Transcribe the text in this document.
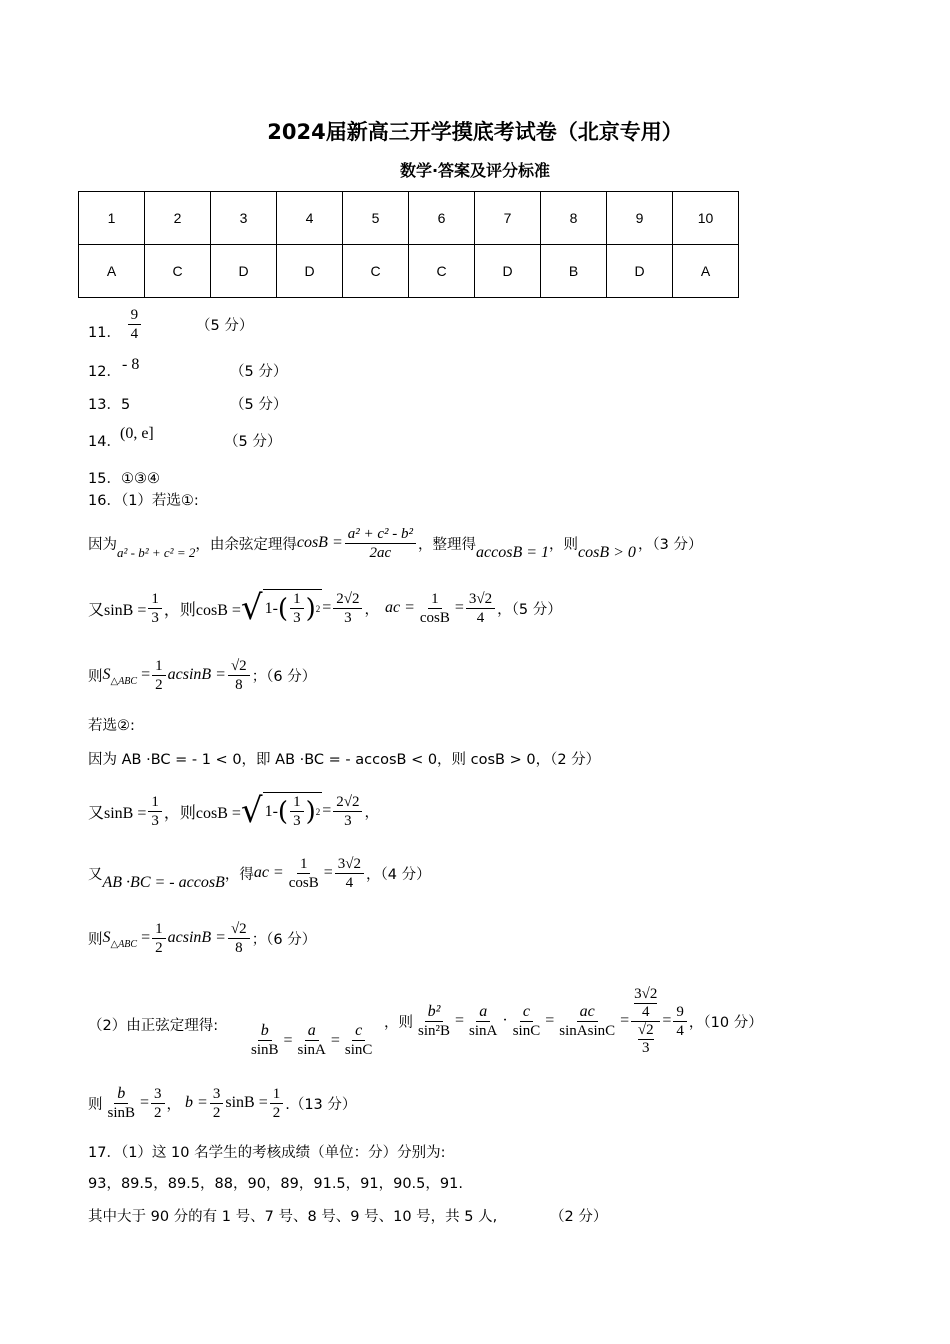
2024届新高三开学摸底考试卷（北京专用）
数学·答案及评分标准
1	2	3	4	5	6	7	8	9	10
A	C	D	D	C	C	D	B	D	A
11． $\frac{9}{4}$	（5 分）
12． - 8	（5 分）
13．5	（5 分）
14． (0, e]	（5 分）
15．①③④
16．（1）若选①:
因为 a² - b² + c² = 2 ，由余弦定理得 $\cos B = \frac{\text{a² + c² - b²}}{2ac}$ ，整理得 accosB = 1 ，则 cosB > 0 ，（3 分）
又$\sin B = \frac{1}{3}$ ，则cosB = √ 1- ( $\frac{1}{3}$ ) $2 = \frac{2√2}{3}$ ， ac = $\frac{1}{\cos B} = \frac{3√2}{4}$ ，（5 分）
则 S △ABC = $\frac{1}{2}$ $acsinB = \frac{√2}{8}$ ；（6 分）
若选②:
因为 AB ·BC = - 1 < 0，即 AB ·BC = - accosB < 0，则 cosB > 0，（2 分）
又$\sin B = \frac{1}{3}$ ，则cosB = √ 1- ( $\frac{1}{3}$ ) $2 = \frac{2√2}{3}$ ，
又 AB ·BC = - accosB ，得 ac = $\frac{1}{\cos B} = \frac{3√2}{4}$ ，（4 分）
则 S △ABC = $\frac{1}{2}$ $acsinB = \frac{√2}{8}$ ；（6 分）
（2）由正弦定理得: $\frac{b}{\sin B} = \frac{a}{\sin A} = \frac{c}{\sin C}$ ，则 $\frac{\text{b²}}{\text{sin²B}} = \frac{a}{\sin A} \cdot \frac{c}{\sin C} = \frac{ac}{\text{sinAsinC}} = 3√2$
4
√2
$3 = \frac{9}{4}$ ，（10 分）
则 $\frac{b}{\sin B} = \frac{3}{2}$ ， $b = \frac{3}{2}$ $\sin B = \frac{1}{2} .(13$ 分）
17．（1）这 10 名学生的考核成绩（单位：分）分别为:
93，89.5，89.5，88，90，89，91.5，91，90.5，91.
其中大于 90 分的有 1 号、7 号、8 号、9 号、10 号，共 5 人,	（2 分）
